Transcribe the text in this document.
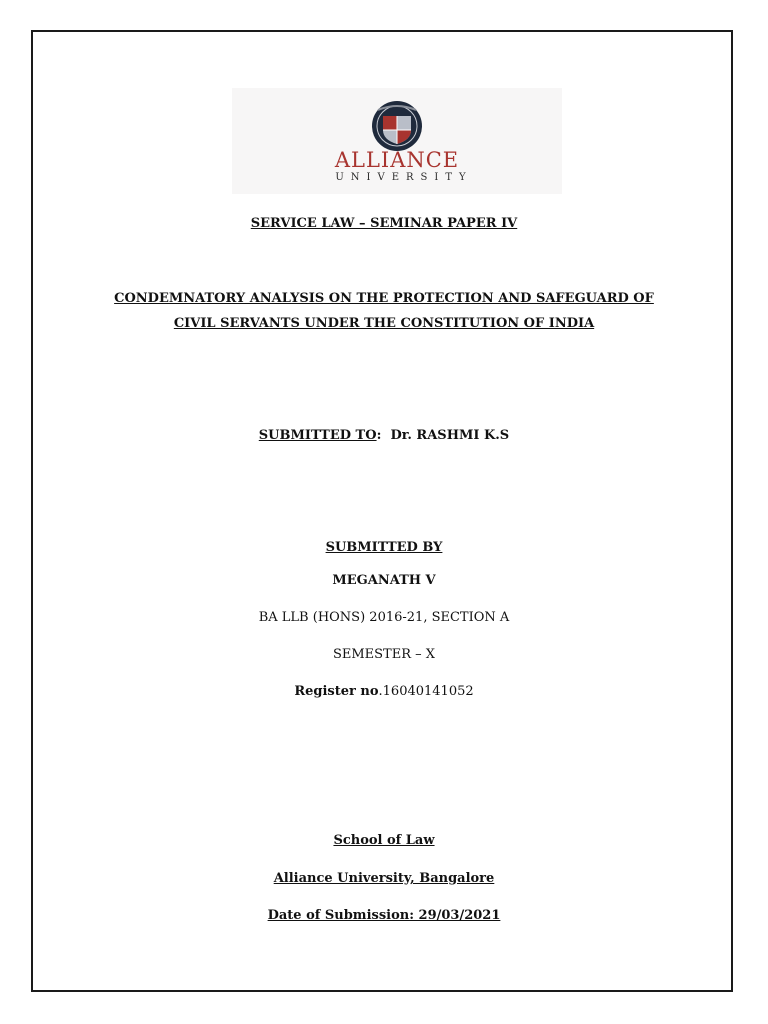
ALLIANCE
UNIVERSITY
SERVICE LAW – SEMINAR PAPER IV
CONDEMNATORY ANALYSIS ON THE PROTECTION AND SAFEGUARD OF
CIVIL SERVANTS UNDER THE CONSTITUTION OF INDIA
SUBMITTED TO: Dr. RASHMI K.S
SUBMITTED BY
MEGANATH V
BA LLB (HONS) 2016-21, SECTION A
SEMESTER – X
Register no.16040141052
School of Law
Alliance University, Bangalore
Date of Submission: 29/03/2021
